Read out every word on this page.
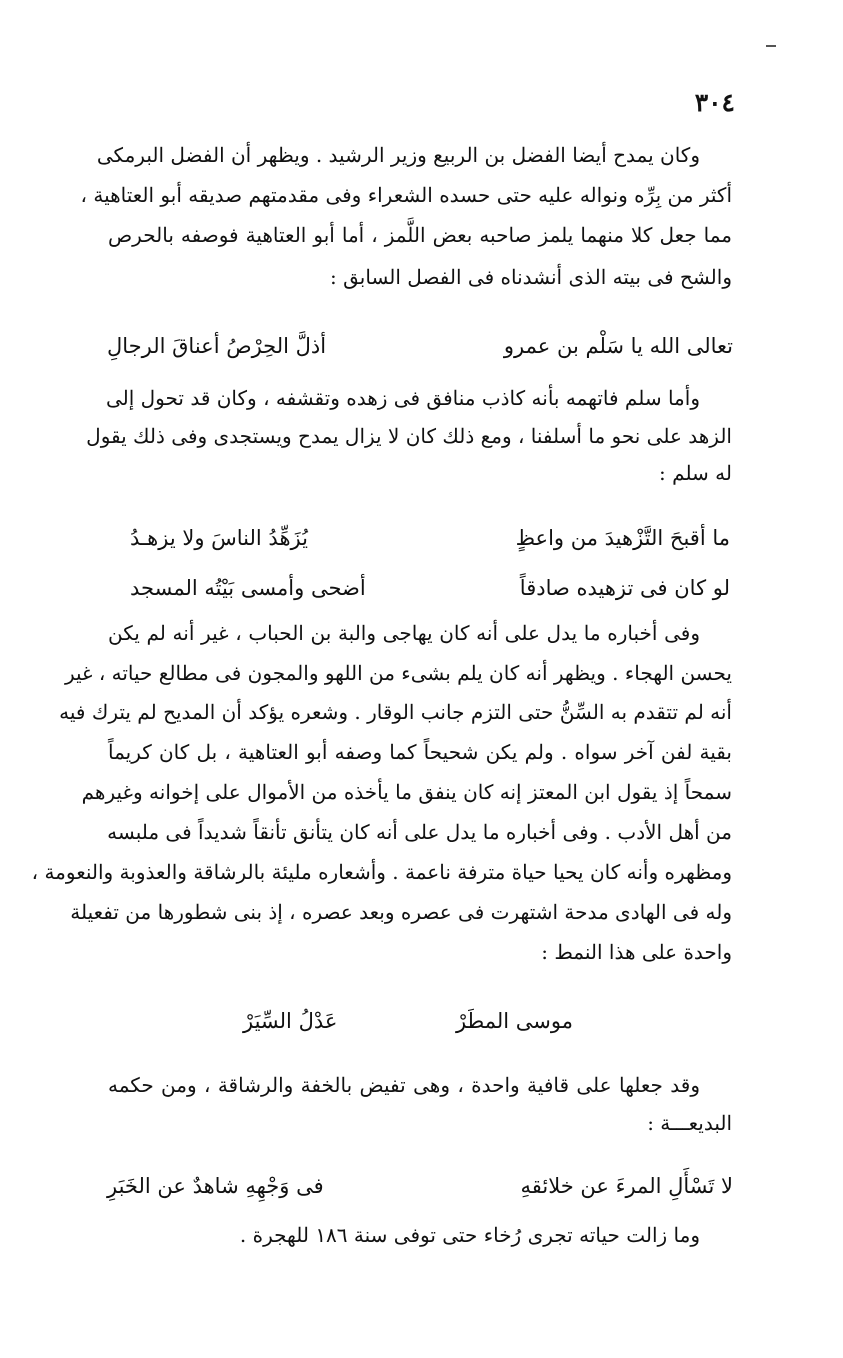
٣٠٤
وكان يمدح أيضا الفضل بن الربيع وزير الرشيد . ويظهر أن الفضل البرمكى
أكثر من بِرِّه ونواله عليه حتى حسده الشعراء وفى مقدمتهم صديقه أبو العتاهية ،
مما جعل كلا منهما يلمز صاحبه بعض اللَّمز ، أما أبو العتاهية فوصفه بالحرص
والشح فى بيته الذى أنشدناه فى الفصل السابق :
تعالى الله يا سَلْم بن عمرو
أذلَّ الحِرْصُ أعناقَ الرجالِ
وأما سلم فاتهمه بأنه كاذب منافق فى زهده وتقشفه ، وكان قد تحول إلى
الزهد على نحو ما أسلفنا ، ومع ذلك كان لا يزال يمدح ويستجدى وفى ذلك يقول
له سلم :
ما أقبحَ التَّزْهيدَ من واعظٍ
يُزَهِّدُ الناسَ ولا يزهـدُ
لو كان فى تزهيده صادقاً
أضحى وأمسى بَيْتُه المسجد
وفى أخباره ما يدل على أنه كان يهاجى والبة بن الحباب ، غير أنه لم يكن
يحسن الهجاء . ويظهر أنه كان يلم بشىء من اللهو والمجون فى مطالع حياته ، غير
أنه لم تتقدم به السِّنُّ حتى التزم جانب الوقار . وشعره يؤكد أن المديح لم يترك فيه
بقية لفن آخر سواه . ولم يكن شحيحاً كما وصفه أبو العتاهية ، بل كان كريماً
سمحاً إذ يقول ابن المعتز إنه كان ينفق ما يأخذه من الأموال على إخوانه وغيرهم
من أهل الأدب . وفى أخباره ما يدل على أنه كان يتأنق تأنقاً شديداً فى ملبسه
ومظهره وأنه كان يحيا حياة مترفة ناعمة . وأشعاره مليئة بالرشاقة والعذوبة والنعومة ،
وله فى الهادى مدحة اشتهرت فى عصره وبعد عصره ، إذ بنى شطورها من تفعيلة
واحدة على هذا النمط :
موسى المطَرْ
عَدْلُ السِّيَرْ
وقد جعلها على قافية واحدة ، وهى تفيض بالخفة والرشاقة ، ومن حكمه
البديعـــة :
لا تَسْأَلِ المرءَ عن خلائقهِ
فى وَجْهِهِ شاهدٌ عن الخَبَرِ
وما زالت حياته تجرى رُخاء حتى توفى سنة ١٨٦ للهجرة .
